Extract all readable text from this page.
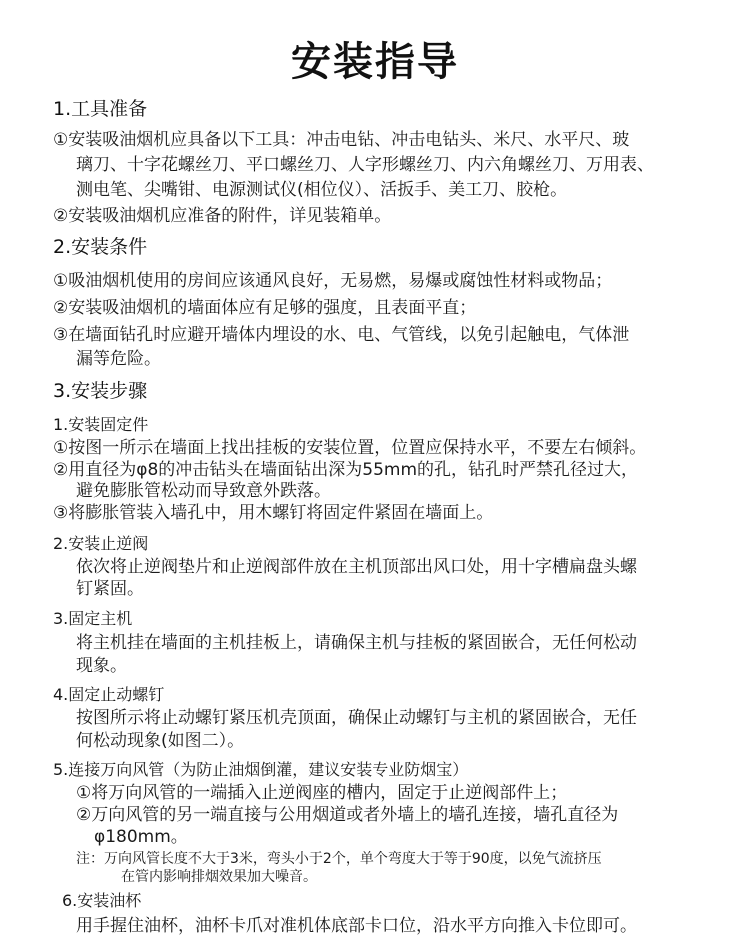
安装指导
1.工具准备
①安装吸油烟机应具备以下工具：冲击电钻、冲击电钻头、米尺、水平尺、玻
璃刀、十字花螺丝刀、平口螺丝刀、人字形螺丝刀、内六角螺丝刀、万用表、
测电笔、尖嘴钳、电源测试仪(相位仪）、活扳手、美工刀、胶枪。
②安装吸油烟机应准备的附件，详见装箱单。
2.安装条件
①吸油烟机使用的房间应该通风良好，无易燃，易爆或腐蚀性材料或物品；
②安装吸油烟机的墙面体应有足够的强度，且表面平直；
③在墙面钻孔时应避开墙体内埋设的水、电、气管线，以免引起触电，气体泄
漏等危险。
3.安装步骤
1.安装固定件
①按图一所示在墙面上找出挂板的安装位置，位置应保持水平，不要左右倾斜。
②用直径为φ8的冲击钻头在墙面钻出深为55mm的孔，钻孔时严禁孔径过大，
避免膨胀管松动而导致意外跌落。
③将膨胀管装入墙孔中，用木螺钉将固定件紧固在墙面上。
2.安装止逆阀
依次将止逆阀垫片和止逆阀部件放在主机顶部出风口处，用十字槽扁盘头螺
钉紧固。
3.固定主机
将主机挂在墙面的主机挂板上，请确保主机与挂板的紧固嵌合，无任何松动
现象。
4.固定止动螺钉
按图所示将止动螺钉紧压机壳顶面，确保止动螺钉与主机的紧固嵌合，无任
何松动现象(如图二）。
5.连接万向风管（为防止油烟倒灌，建议安装专业防烟宝）
①将万向风管的一端插入止逆阀座的槽内，固定于止逆阀部件上；
②万向风管的另一端直接与公用烟道或者外墙上的墙孔连接，墙孔直径为
φ180mm。
注：万向风管长度不大于3米，弯头小于2个，单个弯度大于等于90度，以免气流挤压
在管内影响排烟效果加大噪音。
6.安装油杯
用手握住油杯，油杯卡爪对准机体底部卡口位，沿水平方向推入卡位即可。
